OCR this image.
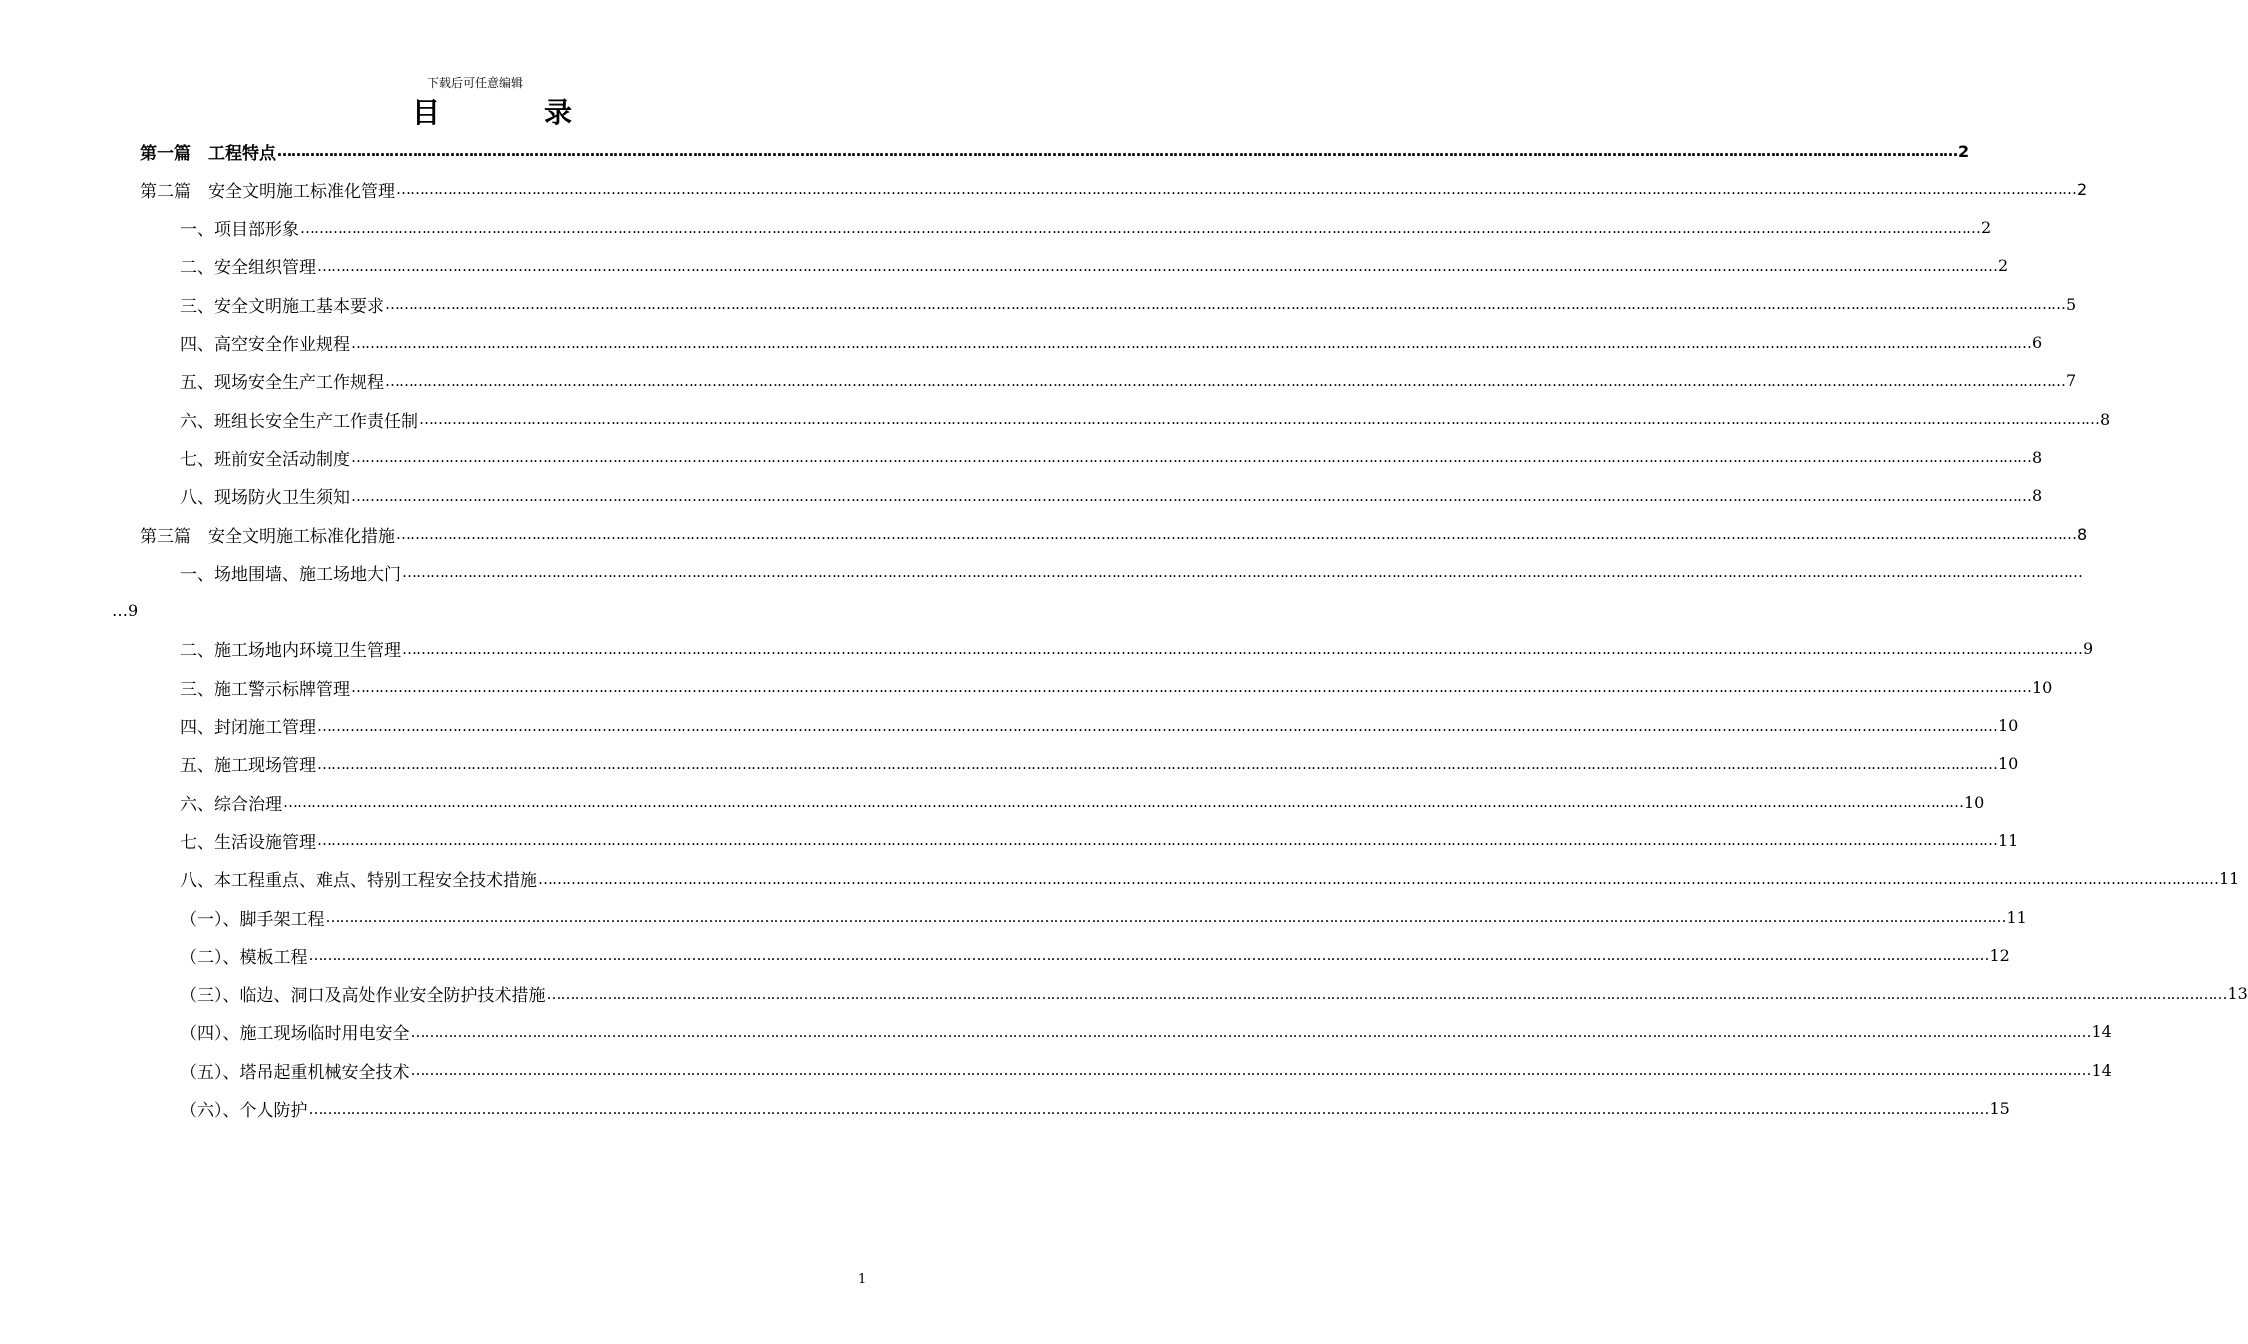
下载后可任意编辑
目	录
第一篇　工程特点 ……………………………………………………………………………………………………………………………………………………………………………………………………………………………………………………………………………………………………………………………… 2
第二篇　安全文明施工标准化管理 ……………………………………………………………………………………………………………………………………………………………………………………………………………………………………………………………………………………………………………………………… 2
一、项目部形象 ……………………………………………………………………………………………………………………………………………………………………………………………………………………………………………………………………………………………………………………………… 2
二、安全组织管理 ……………………………………………………………………………………………………………………………………………………………………………………………………………………………………………………………………………………………………………………………… 2
三、安全文明施工基本要求 ……………………………………………………………………………………………………………………………………………………………………………………………………………………………………………………………………………………………………………………………… 5
四、高空安全作业规程 ……………………………………………………………………………………………………………………………………………………………………………………………………………………………………………………………………………………………………………………………… 6
五、现场安全生产工作规程 ……………………………………………………………………………………………………………………………………………………………………………………………………………………………………………………………………………………………………………………………… 7
六、班组长安全生产工作责任制 ……………………………………………………………………………………………………………………………………………………………………………………………………………………………………………………………………………………………………………………………… 8
七、班前安全活动制度 ……………………………………………………………………………………………………………………………………………………………………………………………………………………………………………………………………………………………………………………………… 8
八、现场防火卫生须知 ……………………………………………………………………………………………………………………………………………………………………………………………………………………………………………………………………………………………………………………………… 8
第三篇　安全文明施工标准化措施 ……………………………………………………………………………………………………………………………………………………………………………………………………………………………………………………………………………………………………………………………… 8
一、场地围墙、施工场地大门 ………………………………………………………………………………………………………………………………………………………………………………………………………………………………………………………………………………………………………………………………
二、施工场地内环境卫生管理 ……………………………………………………………………………………………………………………………………………………………………………………………………………………………………………………………………………………………………………………………… 9
三、施工警示标牌管理 ……………………………………………………………………………………………………………………………………………………………………………………………………………………………………………………………………………………………………………………………… 10
四、封闭施工管理 ……………………………………………………………………………………………………………………………………………………………………………………………………………………………………………………………………………………………………………………………… 10
五、施工现场管理 ……………………………………………………………………………………………………………………………………………………………………………………………………………………………………………………………………………………………………………………………… 10
六、综合治理 ……………………………………………………………………………………………………………………………………………………………………………………………………………………………………………………………………………………………………………………………… 10
七、生活设施管理 ……………………………………………………………………………………………………………………………………………………………………………………………………………………………………………………………………………………………………………………………… 11
八、本工程重点、难点、特别工程安全技术措施 ……………………………………………………………………………………………………………………………………………………………………………………………………………………………………………………………………………………………………………………………… 11
（一）、脚手架工程 ……………………………………………………………………………………………………………………………………………………………………………………………………………………………………………………………………………………………………………………………… 11
（二）、模板工程 ……………………………………………………………………………………………………………………………………………………………………………………………………………………………………………………………………………………………………………………………… 12
（三）、临边、洞口及高处作业安全防护技术措施 ……………………………………………………………………………………………………………………………………………………………………………………………………………………………………………………………………………………………………………………………… 13
（四）、施工现场临时用电安全 ……………………………………………………………………………………………………………………………………………………………………………………………………………………………………………………………………………………………………………………………… 14
（五）、塔吊起重机械安全技术 ……………………………………………………………………………………………………………………………………………………………………………………………………………………………………………………………………………………………………………………………… 14
（六）、个人防护 ……………………………………………………………………………………………………………………………………………………………………………………………………………………………………………………………………………………………………………………………… 15
…9
1
